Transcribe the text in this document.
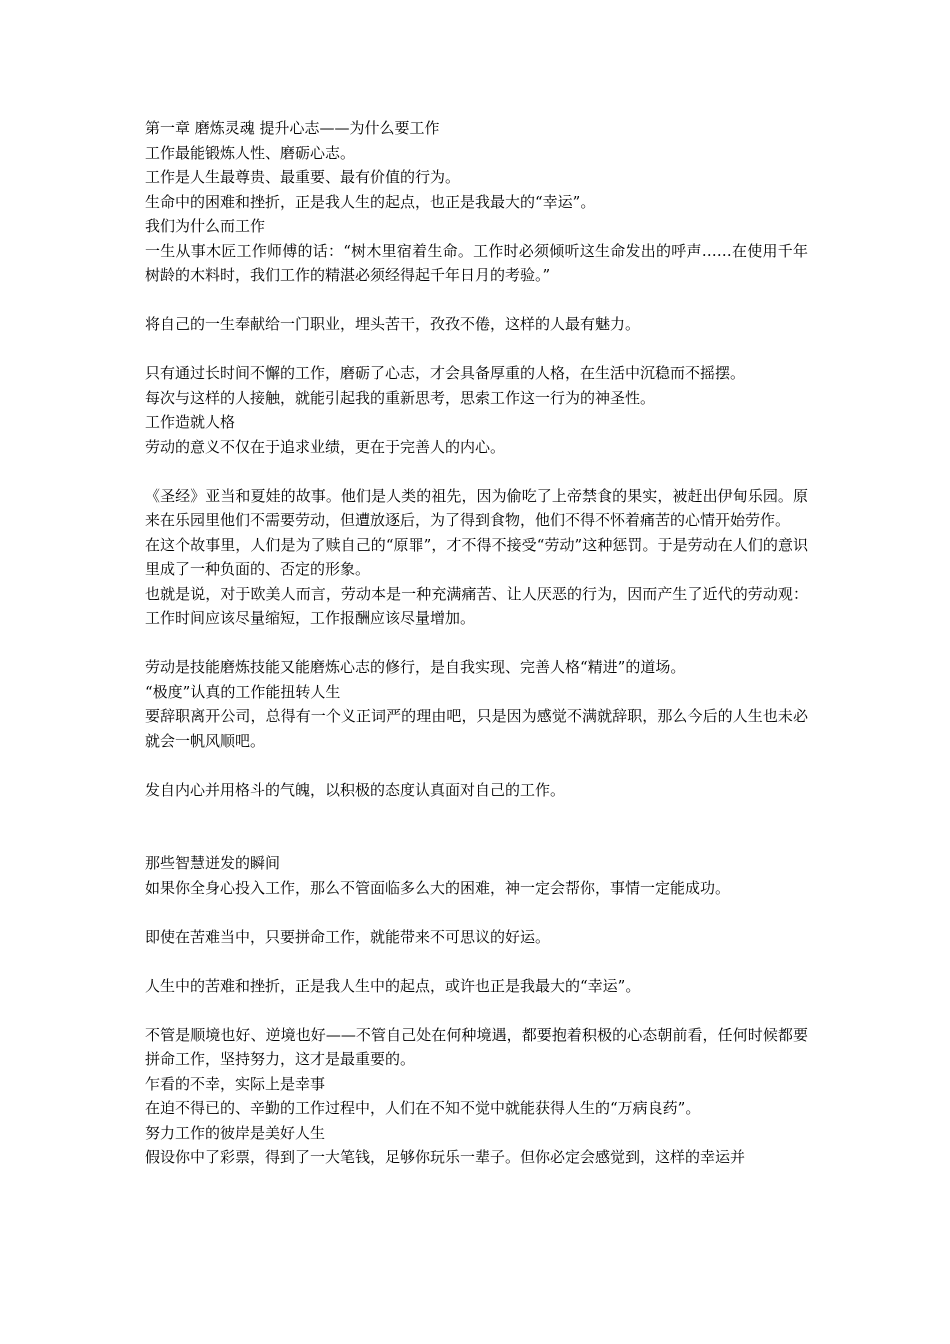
第一章 磨炼灵魂 提升心志——为什么要工作

工作最能锻炼人性、磨砺心志。

工作是人生最尊贵、最重要、最有价值的行为。

生命中的困难和挫折，正是我人生的起点，也正是我最大的“幸运”。

我们为什么而工作

一生从事木匠工作师傅的话：“树木里宿着生命。工作时必须倾听这生命发出的呼声……在使用千年树龄的木料时，我们工作的精湛必须经得起千年日月的考验。”

将自己的一生奉献给一门职业，埋头苦干，孜孜不倦，这样的人最有魅力。

只有通过长时间不懈的工作，磨砺了心志，才会具备厚重的人格，在生活中沉稳而不摇摆。

每次与这样的人接触，就能引起我的重新思考，思索工作这一行为的神圣性。

工作造就人格

劳动的意义不仅在于追求业绩，更在于完善人的内心。

《圣经》亚当和夏娃的故事。他们是人类的祖先，因为偷吃了上帝禁食的果实，被赶出伊甸乐园。原来在乐园里他们不需要劳动，但遭放逐后，为了得到食物，他们不得不怀着痛苦的心情开始劳作。

在这个故事里，人们是为了赎自己的“原罪”，才不得不接受“劳动”这种惩罚。于是劳动在人们的意识里成了一种负面的、否定的形象。

也就是说，对于欧美人而言，劳动本是一种充满痛苦、让人厌恶的行为，因而产生了近代的劳动观：工作时间应该尽量缩短，工作报酬应该尽量增加。

劳动是技能磨炼技能又能磨炼心志的修行，是自我实现、完善人格“精进”的道场。

“极度”认真的工作能扭转人生

要辞职离开公司，总得有一个义正词严的理由吧，只是因为感觉不满就辞职，那么今后的人生也未必就会一帆风顺吧。

发自内心并用格斗的气魄，以积极的态度认真面对自己的工作。

那些智慧迸发的瞬间

如果你全身心投入工作，那么不管面临多么大的困难，神一定会帮你，事情一定能成功。

即使在苦难当中，只要拼命工作，就能带来不可思议的好运。

人生中的苦难和挫折，正是我人生中的起点，或许也正是我最大的“幸运”。

不管是顺境也好、逆境也好——不管自己处在何种境遇，都要抱着积极的心态朝前看，任何时候都要拼命工作，坚持努力，这才是最重要的。

乍看的不幸，实际上是幸事

在迫不得已的、辛勤的工作过程中，人们在不知不觉中就能获得人生的“万病良药”。

努力工作的彼岸是美好人生

假设你中了彩票，得到了一大笔钱，足够你玩乐一辈子。但你必定会感觉到，这样的幸运并
